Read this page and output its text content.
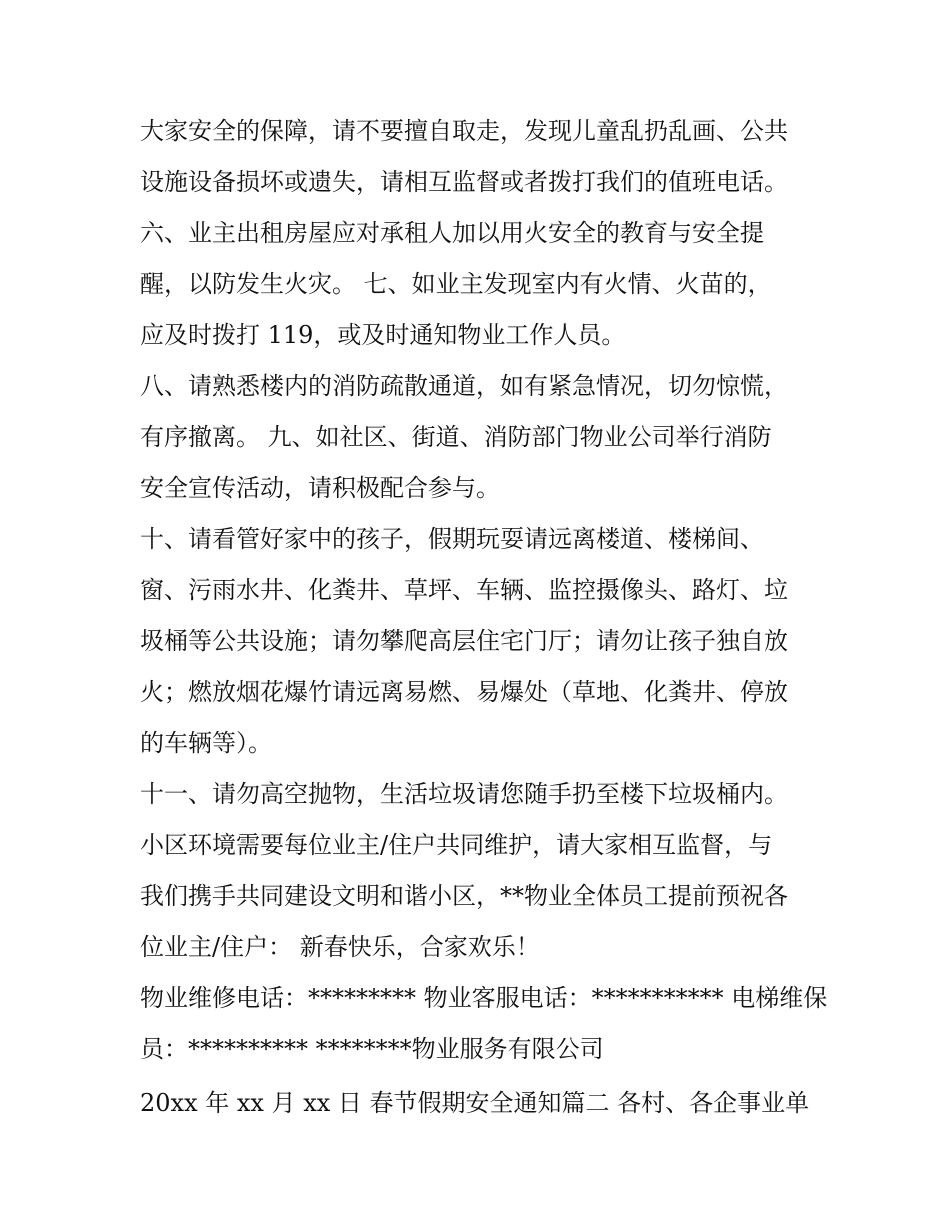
大家安全的保障，请不要擅自取走，发现儿童乱扔乱画、公共
设施设备损坏或遗失，请相互监督或者拨打我们的值班电话。
六、业主出租房屋应对承租人加以用火安全的教育与安全提
醒，以防发生火灾。 七、如业主发现室内有火情、火苗的，
应及时拨打 119，或及时通知物业工作人员。
八、请熟悉楼内的消防疏散通道，如有紧急情况，切勿惊慌，
有序撤离。 九、如社区、街道、消防部门物业公司举行消防
安全宣传活动，请积极配合参与。
十、请看管好家中的孩子，假期玩耍请远离楼道、楼梯间、
窗、污雨水井、化粪井、草坪、车辆、监控摄像头、路灯、垃
圾桶等公共设施；请勿攀爬高层住宅门厅；请勿让孩子独自放
火；燃放烟花爆竹请远离易燃、易爆处（草地、化粪井、停放
的车辆等）。
十一、请勿高空抛物，生活垃圾请您随手扔至楼下垃圾桶内。
小区环境需要每位业主/住户共同维护，请大家相互监督，与
我们携手共同建设文明和谐小区，**物业全体员工提前预祝各
位业主/住户： 新春快乐，合家欢乐！
物业维修电话：********* 物业客服电话：*********** 电梯维保
员：********** ********物业服务有限公司
20xx 年 xx 月 xx 日 春节假期安全通知篇二 各村、各企事业单
